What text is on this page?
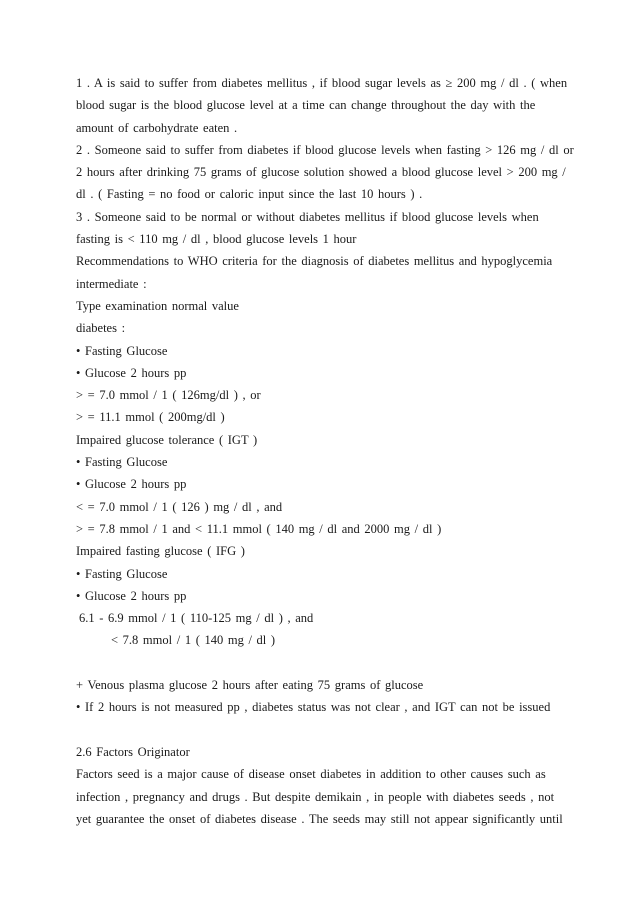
1 . A is said to suffer from diabetes mellitus , if blood sugar levels as ≥ 200 mg / dl . ( when
blood sugar is the blood glucose level at a time can change throughout the day with the
amount of carbohydrate eaten .
2 . Someone said to suffer from diabetes if blood glucose levels when fasting > 126 mg / dl or
2 hours after drinking 75 grams of glucose solution showed a blood glucose level > 200 mg /
dl . ( Fasting = no food or caloric input since the last 10 hours ) .
3 . Someone said to be normal or without diabetes mellitus if blood glucose levels when
fasting is < 110 mg / dl , blood glucose levels 1 hour
Recommendations to WHO criteria for the diagnosis of diabetes mellitus and hypoglycemia
intermediate :
Type examination normal value
diabetes :
• Fasting Glucose
• Glucose 2 hours pp
> = 7.0 mmol / 1 ( 126mg/dl ) , or
> = 11.1 mmol ( 200mg/dl )
Impaired glucose tolerance ( IGT )
• Fasting Glucose
• Glucose 2 hours pp
< = 7.0 mmol / 1 ( 126 ) mg / dl , and
> = 7.8 mmol / 1 and < 11.1 mmol ( 140 mg / dl and 2000 mg / dl )
Impaired fasting glucose ( IFG )
• Fasting Glucose
• Glucose 2 hours pp
6.1 - 6.9 mmol / 1 ( 110-125 mg / dl ) , and
< 7.8 mmol / 1 ( 140 mg / dl )
+ Venous plasma glucose 2 hours after eating 75 grams of glucose
• If 2 hours is not measured pp , diabetes status was not clear , and IGT can not be issued
2.6 Factors Originator
Factors seed is a major cause of disease onset diabetes in addition to other causes such as
infection , pregnancy and drugs . But despite demikain , in people with diabetes seeds , not
yet guarantee the onset of diabetes disease . The seeds may still not appear significantly until
